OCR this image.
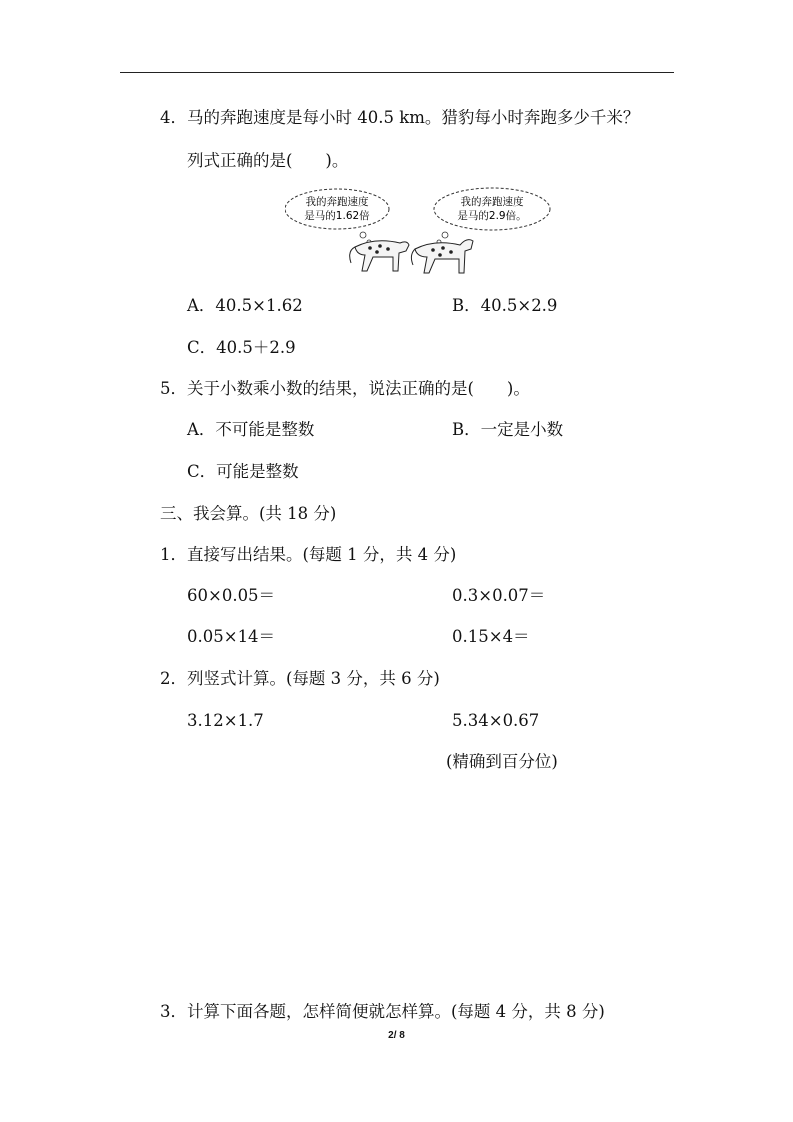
4．马的奔跑速度是每小时 40.5 km。猎豹每小时奔跑多少千米？
列式正确的是(　　)。
我的奔跑速度
是马的1.62倍
我的奔跑速度
是马的2.9倍。
A．40.5×1.62	B．40.5×2.9
C．40.5＋2.9
5．关于小数乘小数的结果，说法正确的是(　　)。
A．不可能是整数	B．一定是小数
C．可能是整数
三、我会算。(共 18 分)
1．直接写出结果。(每题 1 分，共 4 分)
60×0.05＝	0.3×0.07＝
0.05×14＝	0.15×4＝
2．列竖式计算。(每题 3 分，共 6 分)
3.12×1.7	5.34×0.67
(精确到百分位)
3．计算下面各题，怎样简便就怎样算。(每题 4 分，共 8 分)
2/ 8
